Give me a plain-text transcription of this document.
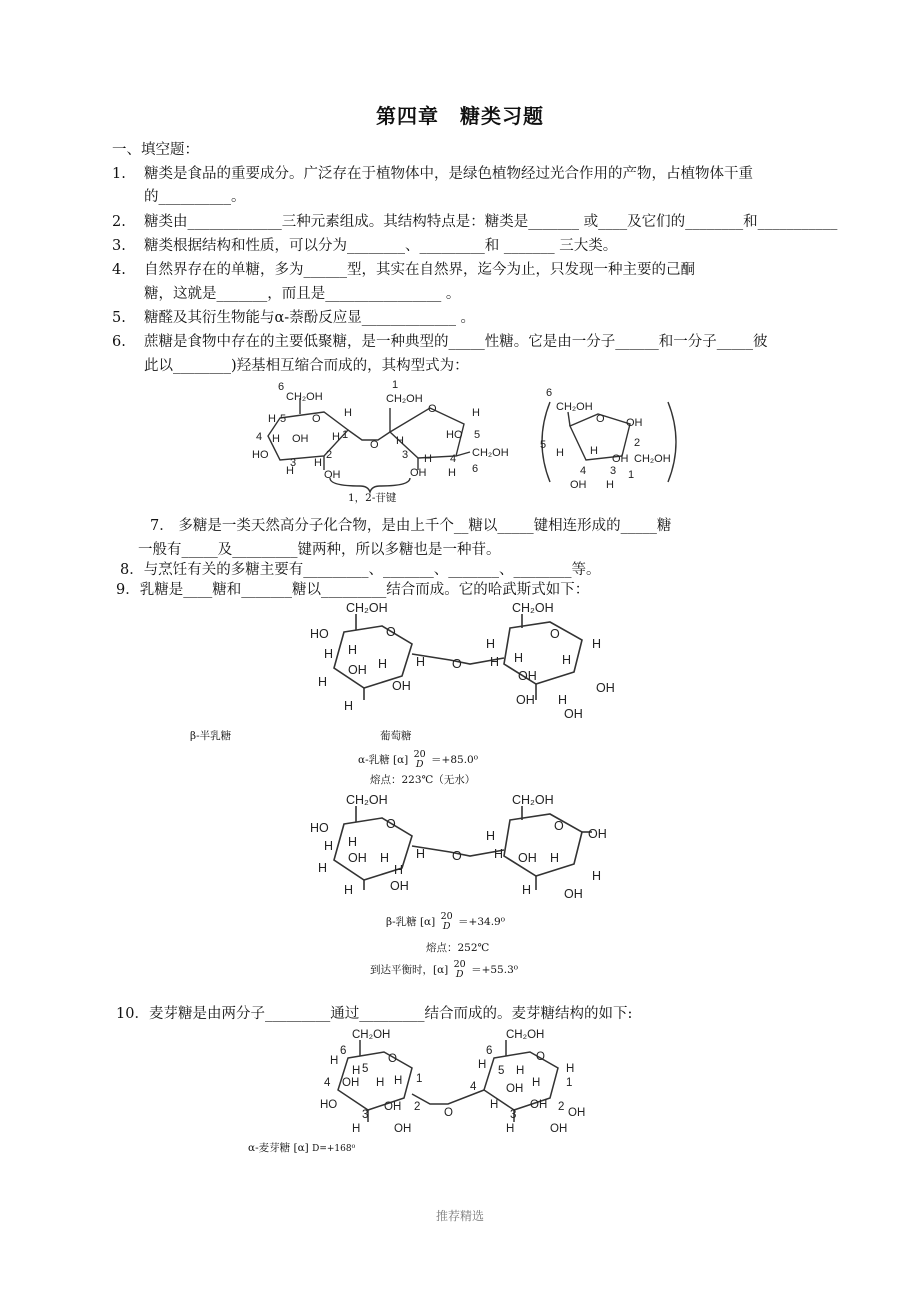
第四章　糖类习题
一、填空题：
1. 糖类是食品的重要成分。广泛存在于植物体中，是绿色植物经过光合作用的产物，占植物体干重
的__________。
2. 糖类由_____________三种元素组成。其结构特点是：糖类是_______ 或____及它们的________和___________
3. 糖类根据结构和性质，可以分为________、_________和 _______ 三大类。
4. 自然界存在的单糖，多为______型，其实在自然界，迄今为止，只发现一种主要的己酮
糖，这就是_______，而且是________________ 。
5. 糖醛及其衍生物能与α-萘酚反应显_____________ 。
6. 蔗糖是食物中存在的主要低聚糖，是一种典型的_____性糖。它是由一分子______和一分子_____彼
此以________)羟基相互缩合而成的，其构型式为：
6
CH₂OH
H 5 O H
4 H OH H 1
2
O
HO
3 H
H	OH
1
CH₂OH
O	H
HO 5
H
3	4 CH₂OH
H
6
OH H
6
CH₂OH
5
O OH
2
H H
OH CH₂OH
4 3
OH H
1
1，2-苷键
7． 多糖是一类天然高分子化合物，是由上千个__糖以_____键相连形成的_____糖
一般有_____及_________键两种，所以多糖也是一种苷。
8．与烹饪有关的多糖主要有_________、_______、_______、________等。
9．乳糖是____糖和_______糖以_________结合而成。它的哈武斯式如下：
CH₂OH	CH₂OH
HO	O	O
H
H H
OH H H O
H
H H
OH
H
OH
H	OH
H	OH H
OH
β-半乳糖	葡萄糖
α-乳糖 [α] 20
D ＝+85.0⁰
熔点：223℃（无水）
CH₂OH	CH₂OH
HO	O	O
OH
H H
OH H H O
H
H OH H
H
H	H
H	OH	H	OH
β-乳糖 [α] 20
D ＝+34.9⁰
熔点：252℃
到达平衡时，[α] 20
D ＝+55.3⁰
10．麦芽糖是由两分子_________通过_________结合而成的。麦芽糖结构的如下:
CH₂OH	CH₂OH
6	6
H	H
H 5
O	O
5 H
4 OH H H 1
4	OH H
H
1
HO
3
OH 2 O
H
3
OH 2 OH
H	OH	H	OH
α-麦芽糖 [α] D=+168⁰
推荐精选
